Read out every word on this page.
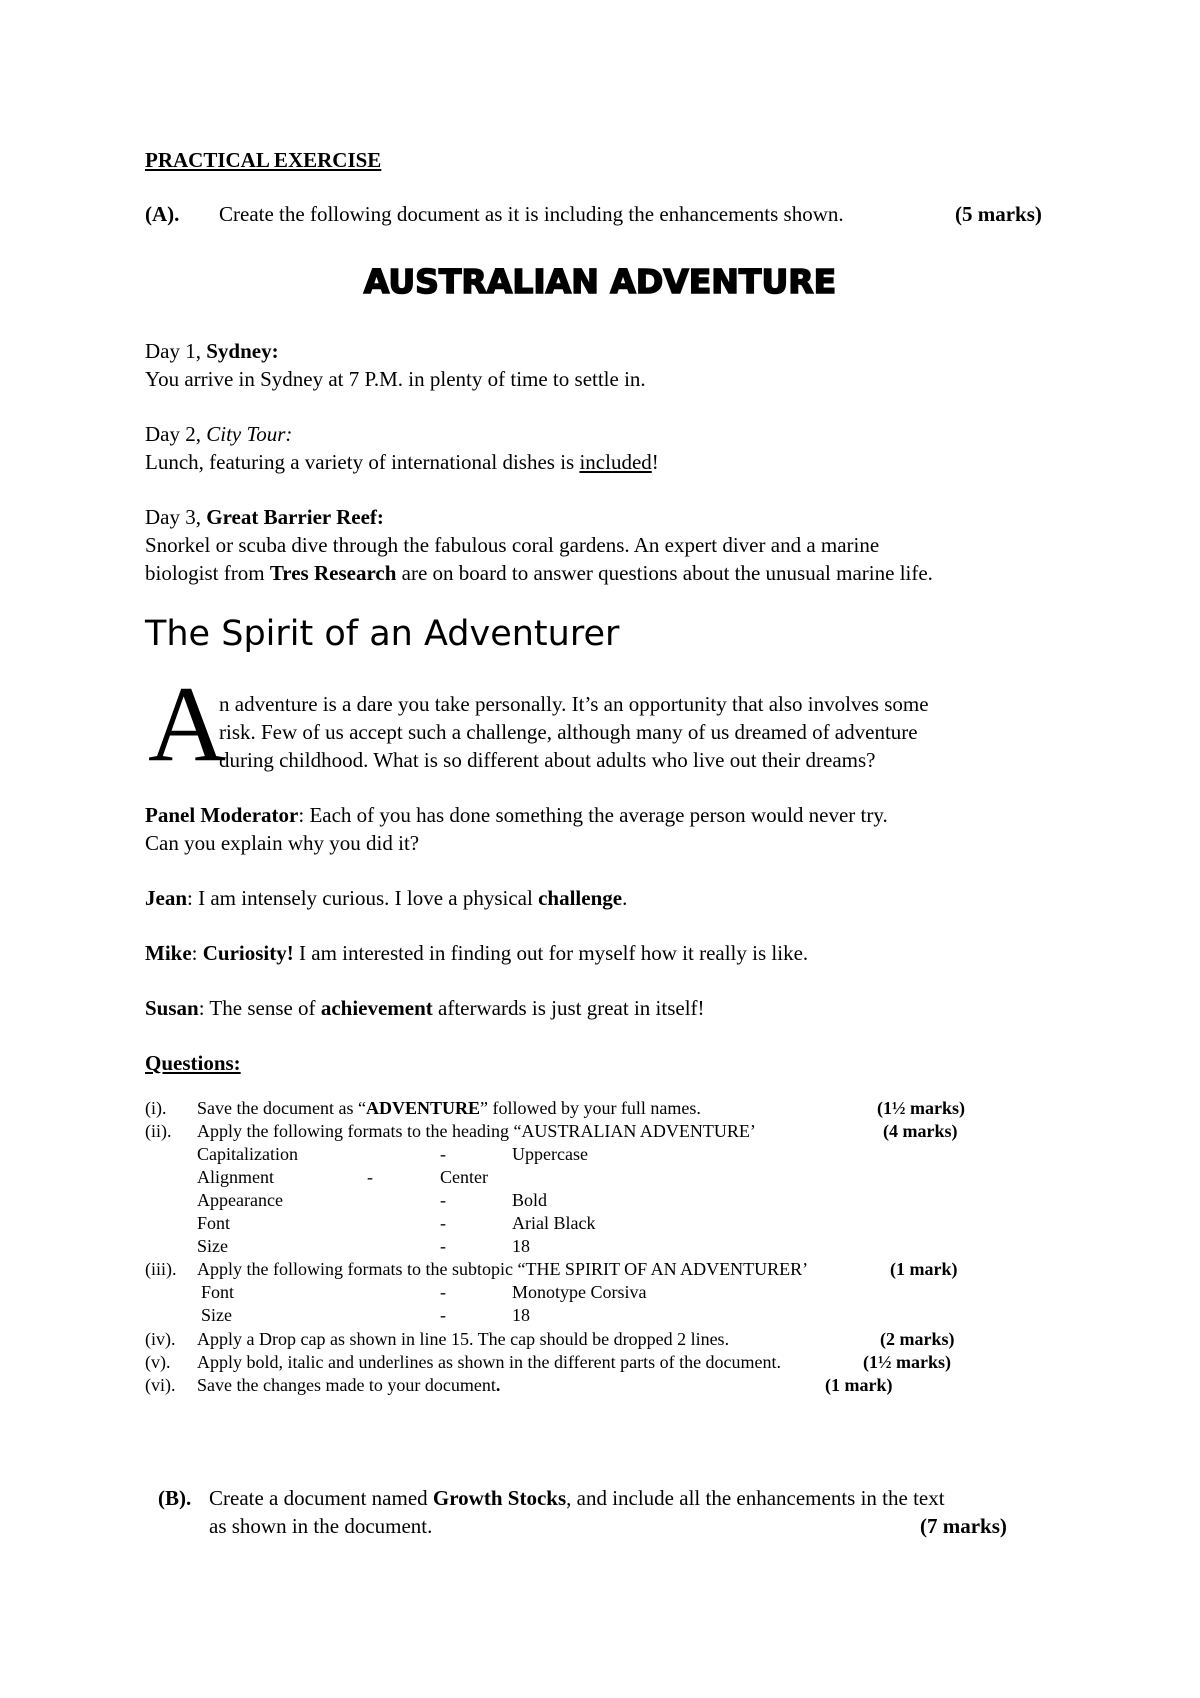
PRACTICAL EXERCISE
(A). Create the following document as it is including the enhancements shown.	(5 marks)
AUSTRALIAN ADVENTURE
Day 1, Sydney:
You arrive in Sydney at 7 P.M. in plenty of time to settle in.
Day 2, City Tour:
Lunch, featuring a variety of international dishes is included!
Day 3, Great Barrier Reef:
Snorkel or scuba dive through the fabulous coral gardens. An expert diver and a marine
biologist from Tres Research are on board to answer questions about the unusual marine life.
The Spirit of an Adventurer
A
n adventure is a dare you take personally. It’s an opportunity that also involves some
risk. Few of us accept such a challenge, although many of us dreamed of adventure
during childhood. What is so different about adults who live out their dreams?
Panel Moderator: Each of you has done something the average person would never try.
Can you explain why you did it?
Jean: I am intensely curious. I love a physical challenge.
Mike: Curiosity! I am interested in finding out for myself how it really is like.
Susan: The sense of achievement afterwards is just great in itself!
Questions:
(i). Save the document as “ADVENTURE” followed by your full names.	(1½ marks)
(ii). Apply the following formats to the heading “AUSTRALIAN ADVENTURE’	(4 marks)
Capitalization	-	Uppercase
Alignment	-	Center
Appearance	-	Bold
Font	-	Arial Black
Size	-	18
(iii). Apply the following formats to the subtopic “THE SPIRIT OF AN ADVENTURER’	(1 mark)
Font	-	Monotype Corsiva
Size	-	18
(iv). Apply a Drop cap as shown in line 15. The cap should be dropped 2 lines.	(2 marks)
(v). Apply bold, italic and underlines as shown in the different parts of the document.	(1½ marks)
(vi). Save the changes made to your document.	(1 mark)
(B). Create a document named Growth Stocks, and include all the enhancements in the text
as shown in the document.	(7 marks)
